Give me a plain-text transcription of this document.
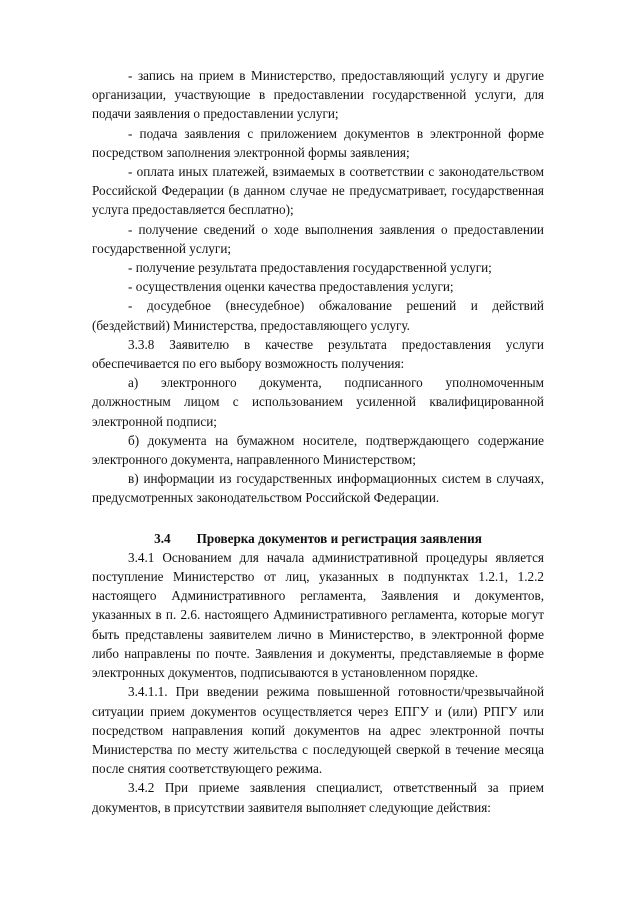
- запись на прием в Министерство, предоставляющий услугу и другие организации, участвующие в предоставлении государственной услуги, для подачи заявления о предоставлении услуги;

- подача заявления с приложением документов в электронной форме посредством заполнения электронной формы заявления;

- оплата иных платежей, взимаемых в соответствии с законодательством Российской Федерации (в данном случае не предусматривает, государственная услуга предоставляется бесплатно);

- получение сведений о ходе выполнения заявления о предоставлении государственной услуги;

- получение результата предоставления государственной услуги;

- осуществления оценки качества предоставления услуги;

- досудебное (внесудебное) обжалование решений и действий (бездействий) Министерства, предоставляющего услугу.

3.3.8 Заявителю в качестве результата предоставления услуги обеспечивается по его выбору возможность получения:

а) электронного документа, подписанного уполномоченным должностным лицом с использованием усиленной квалифицированной электронной подписи;

б) документа на бумажном носителе, подтверждающего содержание электронного документа, направленного Министерством;

в) информации из государственных информационных систем в случаях, предусмотренных законодательством Российской Федерации.

3.4 Проверка документов и регистрация заявления

3.4.1 Основанием для начала административной процедуры является поступление Министерство от лиц, указанных в подпунктах 1.2.1, 1.2.2 настоящего Административного регламента, Заявления и документов, указанных в п. 2.6. настоящего Административного регламента, которые могут быть представлены заявителем лично в Министерство, в электронной форме либо направлены по почте. Заявления и документы, представляемые в форме электронных документов, подписываются в установленном порядке.

3.4.1.1. При введении режима повышенной готовности/чрезвычайной ситуации прием документов осуществляется через ЕПГУ и (или) РПГУ или посредством направления копий документов на адрес электронной почты Министерства по месту жительства с последующей сверкой в течение месяца после снятия соответствующего режима.

3.4.2 При приеме заявления специалист, ответственный за прием документов, в присутствии заявителя выполняет следующие действия:
